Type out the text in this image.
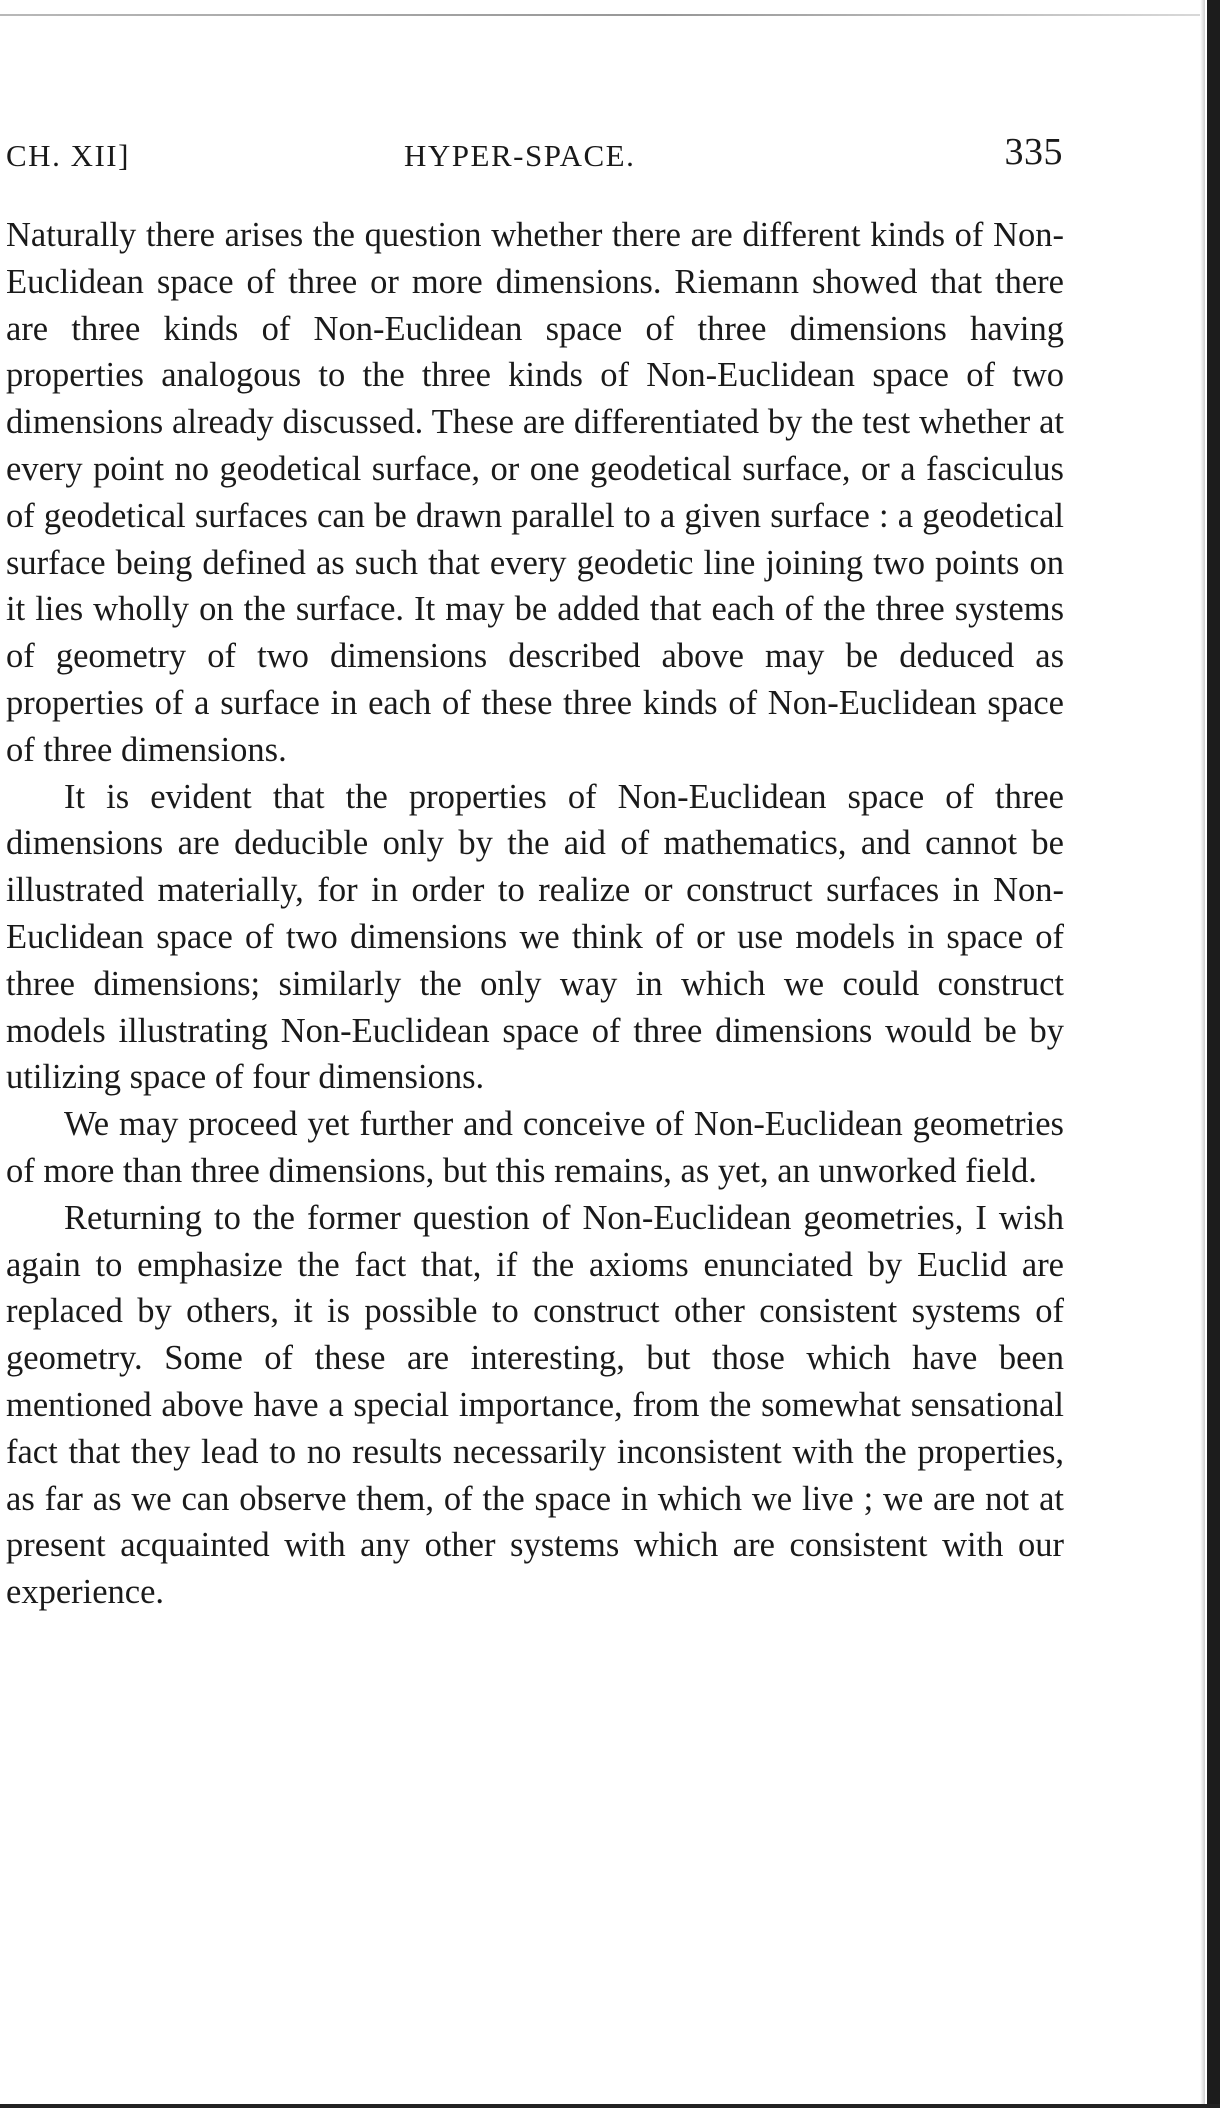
CH. XII]	HYPER-SPACE.	335

Naturally there arises the question whether there are different kinds of Non-Euclidean space of three or more dimensions. Riemann showed that there are three kinds of Non-Euclidean space of three dimensions having properties analogous to the three kinds of Non-Euclidean space of two dimensions already discussed. These are differentiated by the test whether at every point no geodetical surface, or one geodetical surface, or a fasciculus of geodetical surfaces can be drawn parallel to a given surface : a geodetical surface being defined as such that every geodetic line joining two points on it lies wholly on the surface. It may be added that each of the three systems of geometry of two dimensions described above may be deduced as properties of a surface in each of these three kinds of Non-Euclidean space of three dimensions.

It is evident that the properties of Non-Euclidean space of three dimensions are deducible only by the aid of mathematics, and cannot be illustrated materially, for in order to realize or construct surfaces in Non-Euclidean space of two dimensions we think of or use models in space of three dimensions; similarly the only way in which we could construct models illustrating Non-Euclidean space of three dimensions would be by utilizing space of four dimensions.

We may proceed yet further and conceive of Non-Euclidean geometries of more than three dimensions, but this remains, as yet, an unworked field.

Returning to the former question of Non-Euclidean geometries, I wish again to emphasize the fact that, if the axioms enunciated by Euclid are replaced by others, it is possible to construct other consistent systems of geometry. Some of these are interesting, but those which have been mentioned above have a special importance, from the somewhat sensational fact that they lead to no results necessarily inconsistent with the properties, as far as we can observe them, of the space in which we live ; we are not at present acquainted with any other systems which are consistent with our experience.
